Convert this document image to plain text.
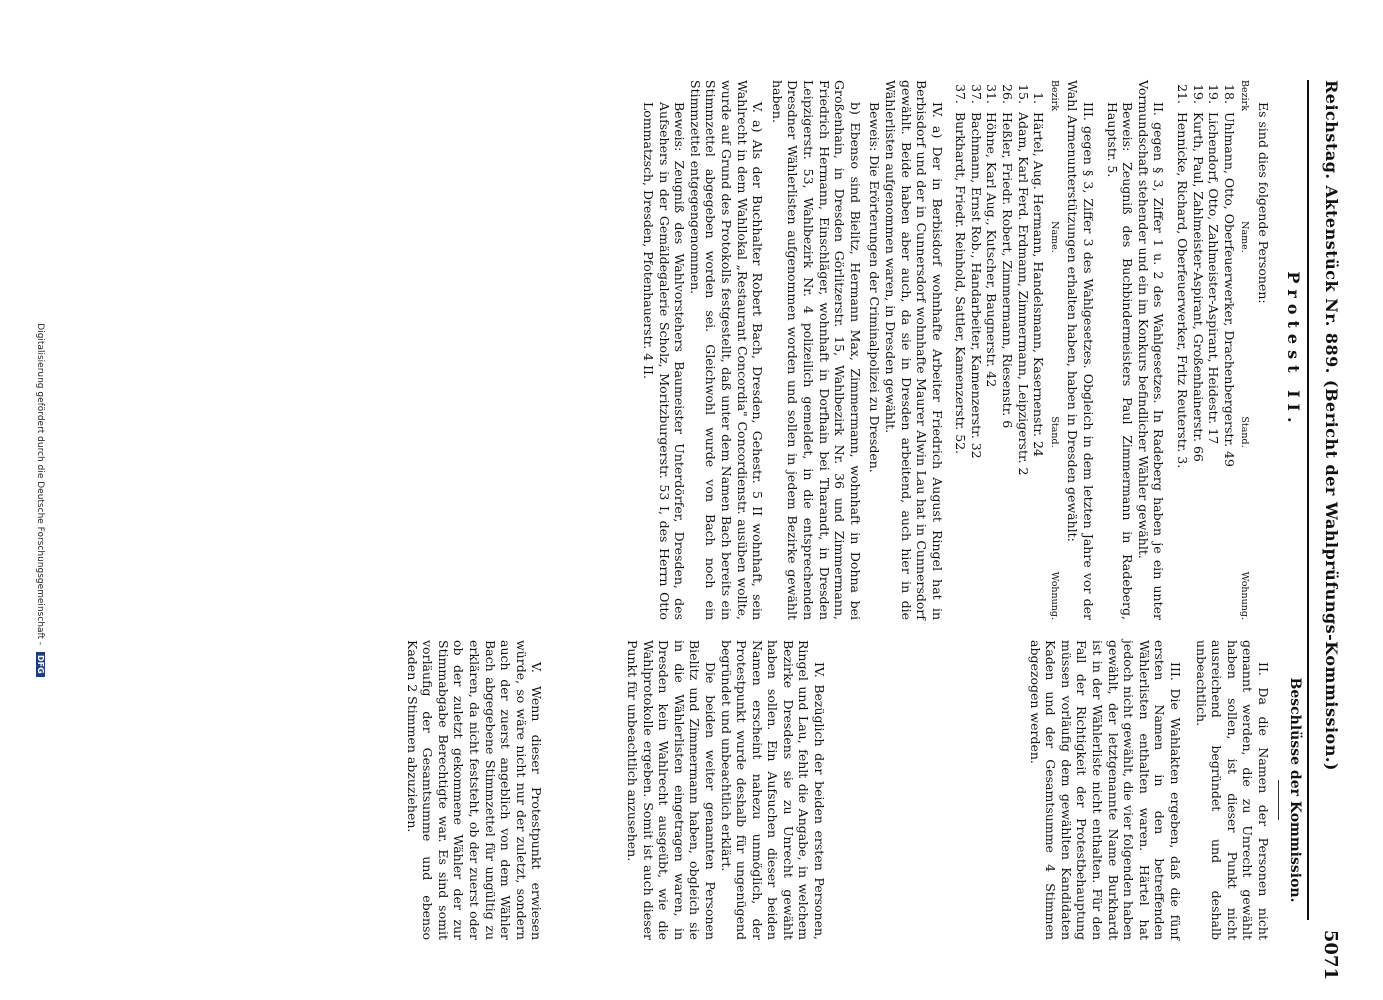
Reichstag. Aktenstück Nr. 889. (Bericht der Wahlprüfungs-Kommission.)
5071
Protest II.
Beschlüsse der Kommission.

Es sind dies folgende Personen:

Bezirk
Name.
Stand.
Wohnung.
18.
Uhlmann, Otto, Oberfeuerwerker, Drachenbergerstr. 49
19.
Lichendorf, Otto, Zahlmeister-Aspirant, Heidestr. 17
19.
Kurth, Paul, Zahlmeister-Aspirant, Großenhainerstr. 66
21.
Hennicke, Richard, Oberfeuerwerker, Fritz Reuterstr. 3.

II. gegen § 3, Ziffer 1 u. 2 des Wahlgesetzes. In Radeberg haben je ein unter Vormundschaft stehender und ein im Konkurs befindlicher Wähler gewählt.

Beweis: Zeugniß des Buchbindermeisters Paul Zimmermann in Radeberg, Hauptstr. 5.

III. gegen § 3, Ziffer 3 des Wahlgesetzes. Obgleich in dem letzten Jahre vor der Wahl Armenunterstützungen erhalten haben, haben in Dresden gewählt:

Bezirk
Name.
Stand.
Wohnung.
1.
Härtel, Aug. Hermann, Handelsmann, Kasernenstr. 24
15.
Adam, Karl Ferd. Erdmann, Zimmermann, Leipzigerstr. 2
26.
Heßler, Friedr. Robert, Zimmermann, Riesenstr. 6
31.
Höhne, Karl Aug., Kutscher, Baugnerstr. 42
37.
Bachmann, Ernst Rob., Handarbeiter, Kamenzerstr. 32
37.
Burkhardt, Friedr. Reinhold, Sattler, Kamenzerstr. 52.

IV. a) Der in Berbisdorf wohnhafte Arbeiter Friedrich August Ringel hat in Berbisdorf und der in Cunnersdorf wohnhafte Maurer Alwin Lau hat in Cunnersdorf gewählt. Beide haben aber auch, da sie in Dresden arbeitend, auch hier in die Wählerlisten aufgenommen waren, in Dresden gewählt.

Beweis: Die Erörterungen der Criminalpolizei zu Dresden.

b) Ebenso sind Bielitz, Hermann Max, Zimmermann, wohnhaft in Dohna bei Großenhain, in Dresden Görlitzerstr. 15, Wahlbezirk Nr. 36 und Zimmermann, Friedrich Hermann, Einschläger, wohnhaft in Dorfhain bei Tharandt, in Dresden Leipzigerstr. 53, Wahlbezirk Nr. 4 polizeilich gemeldet, in die entsprechenden Dresdner Wählerlisten aufgenommen worden und sollen in jedem Bezirke gewählt haben.

V. a) Als der Buchhalter Robert Bach, Dresden, Gehestr. 5 II wohnhaft, sein Wahlrecht in dem Wahllokal „Restaurant Concordia" Concordienstr. ausüben wollte, wurde auf Grund des Protokolls festgestellt, daß unter dem Namen Bach bereits ein Stimmzettel abgegeben worden sei. Gleichwohl wurde von Bach noch ein Stimmzettel entgegengenommen.

Beweis: Zeugniß des Wahlvorstehers Baumeister Unterdörfer, Dresden, des Aufsehers in der Gemäldegalerie Scholz, Moritzburgerstr. 53 I, des Herrn Otto Lommatzsch, Dresden, Pfotenhauerstr. 4 II.

II. Da die Namen der Personen nicht genannt werden, die zu Unrecht gewählt haben sollen, ist dieser Punkt nicht ausreichend begründet und deshalb unbeachtlich.

III. Die Wahlakten ergeben, daß die fünf ersten Namen in den betreffenden Wählerlisten enthalten waren. Härtel hat jedoch nicht gewählt, die vier folgenden haben gewählt, der letztgenannte Name Burkhardt ist in der Wählerliste nicht enthalten. Für den Fall der Richtigkeit der Protestbehauptung müssen vorläufig dem gewählten Kandidaten Kaden und der Gesamtsumme 4 Stimmen abgezogen werden.

IV. Bezüglich der beiden ersten Personen, Ringel und Lau, fehlt die Angabe, in welchem Bezirke Dresdens sie zu Unrecht gewählt haben sollen. Ein Aufsuchen dieser beiden Namen erscheint nahezu unmöglich, der Protestpunkt wurde deshalb für ungenügend begründet und unbeachtlich erklärt.

Die beiden weiter genannten Personen Bielitz und Zimmermann haben, obgleich sie in die Wählerlisten eingetragen waren, in Dresden kein Wahlrecht ausgeübt, wie die Wahlprotokolle ergeben. Somit ist auch dieser Punkt für unbeachtlich anzusehen.

V. Wenn dieser Protestpunkt erwiesen würde, so wäre nicht nur der zuletzt, sondern auch der zuerst angeblich von dem Wähler Bach abgegebene Stimmzettel für ungültig zu erklären, da nicht feststeht, ob der zuerst oder ob der zuletzt gekommene Wähler der zur Stimmabgabe Berechtigte war. Es sind somit vorläufig der Gesamtsumme und ebenso Kaden 2 Stimmen abzuziehen.

Digitalisierung gefördert durch die Deutsche Forschungsgemeinschaft - DFG
